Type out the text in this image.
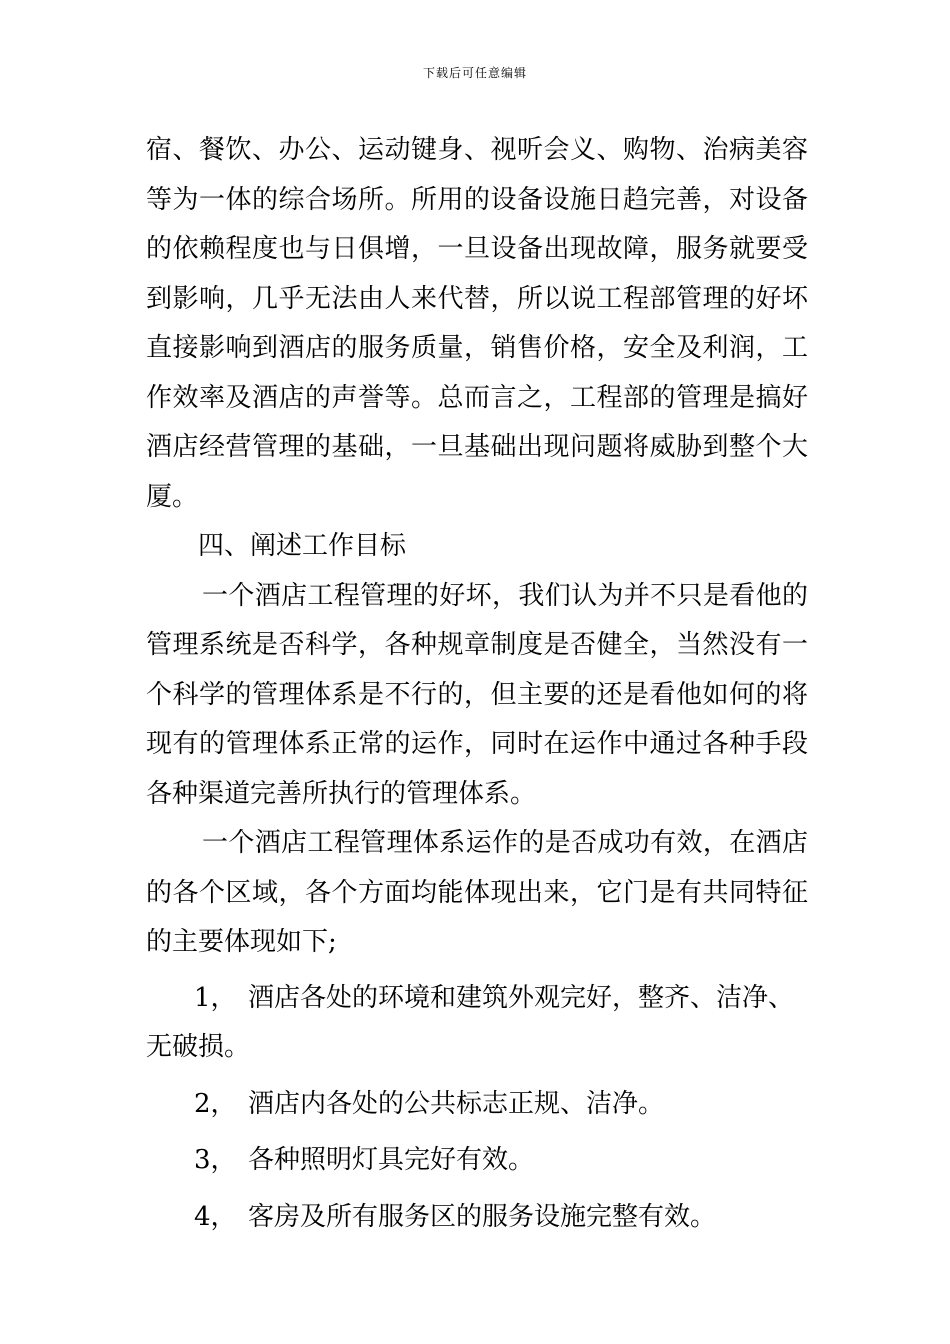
下载后可任意编辑

宿、餐饮、办公、运动键身、视听会义、购物、治病美容等为一体的综合场所。所用的设备设施日趋完善，对设备的依赖程度也与日俱增，一旦设备出现故障，服务就要受到影响，几乎无法由人来代替，所以说工程部管理的好坏直接影响到酒店的服务质量，销售价格，安全及利润，工作效率及酒店的声誉等。总而言之，工程部的管理是搞好酒店经营管理的基础，一旦基础出现问题将威胁到整个大厦。

四、阐述工作目标

一个酒店工程管理的好坏，我们认为并不只是看他的管理系统是否科学，各种规章制度是否健全，当然没有一个科学的管理体系是不行的，但主要的还是看他如何的将现有的管理体系正常的运作，同时在运作中通过各种手段各种渠道完善所执行的管理体系。

一个酒店工程管理体系运作的是否成功有效，在酒店的各个区域，各个方面均能体现出来，它门是有共同特征的主要体现如下;

1， 酒店各处的环境和建筑外观完好，整齐、洁净、
无破损。
2， 酒店内各处的公共标志正规、洁净。
3， 各种照明灯具完好有效。
4， 客房及所有服务区的服务设施完整有效。
